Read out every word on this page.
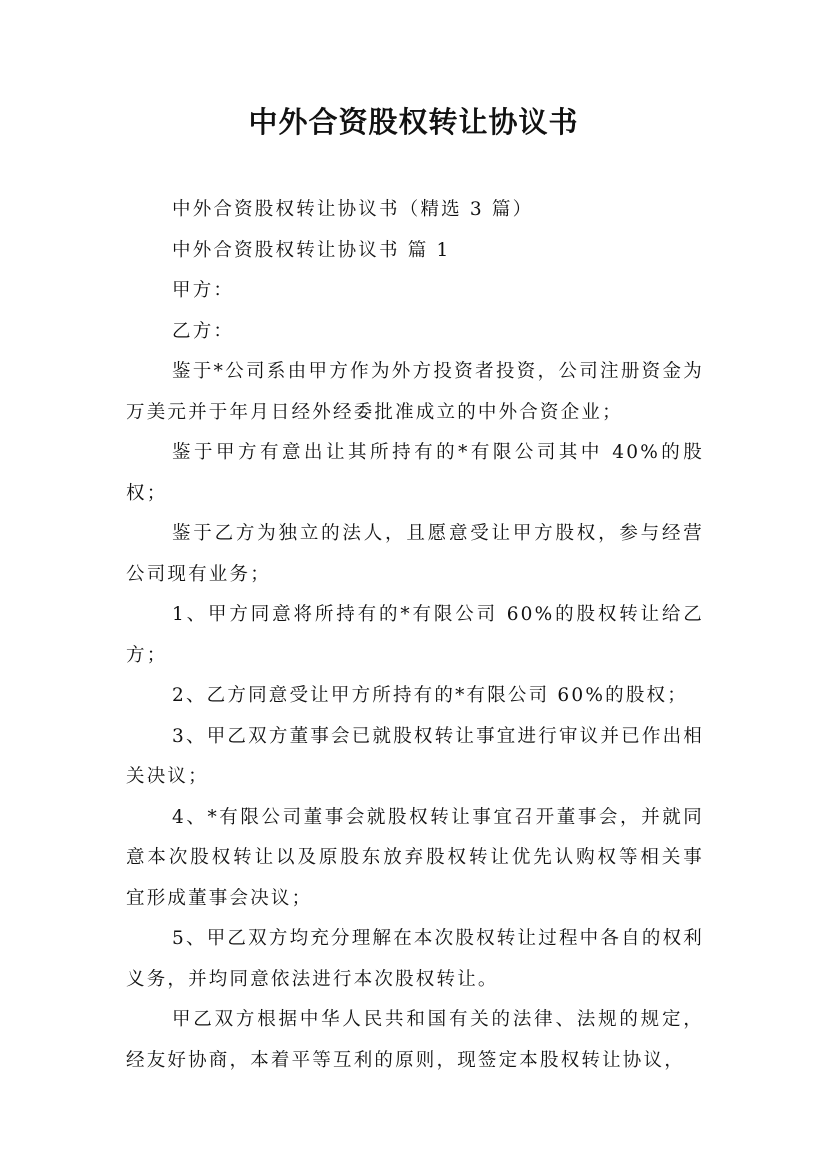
中外合资股权转让协议书

中外合资股权转让协议书（精选 3 篇）

中外合资股权转让协议书 篇 1

甲方：

乙方：

鉴于*公司系由甲方作为外方投资者投资，公司注册资金为万美元并于年月日经外经委批准成立的中外合资企业；

鉴于甲方有意出让其所持有的*有限公司其中 40%的股权；

鉴于乙方为独立的法人，且愿意受让甲方股权，参与经营公司现有业务；

1、甲方同意将所持有的*有限公司 60%的股权转让给乙方；

2、乙方同意受让甲方所持有的*有限公司 60%的股权；

3、甲乙双方董事会已就股权转让事宜进行审议并已作出相关决议；

4、*有限公司董事会就股权转让事宜召开董事会，并就同意本次股权转让以及原股东放弃股权转让优先认购权等相关事宜形成董事会决议；

5、甲乙双方均充分理解在本次股权转让过程中各自的权利义务，并均同意依法进行本次股权转让。

甲乙双方根据中华人民共和国有关的法律、法规的规定，经友好协商，本着平等互利的原则，现签定本股权转让协议，
